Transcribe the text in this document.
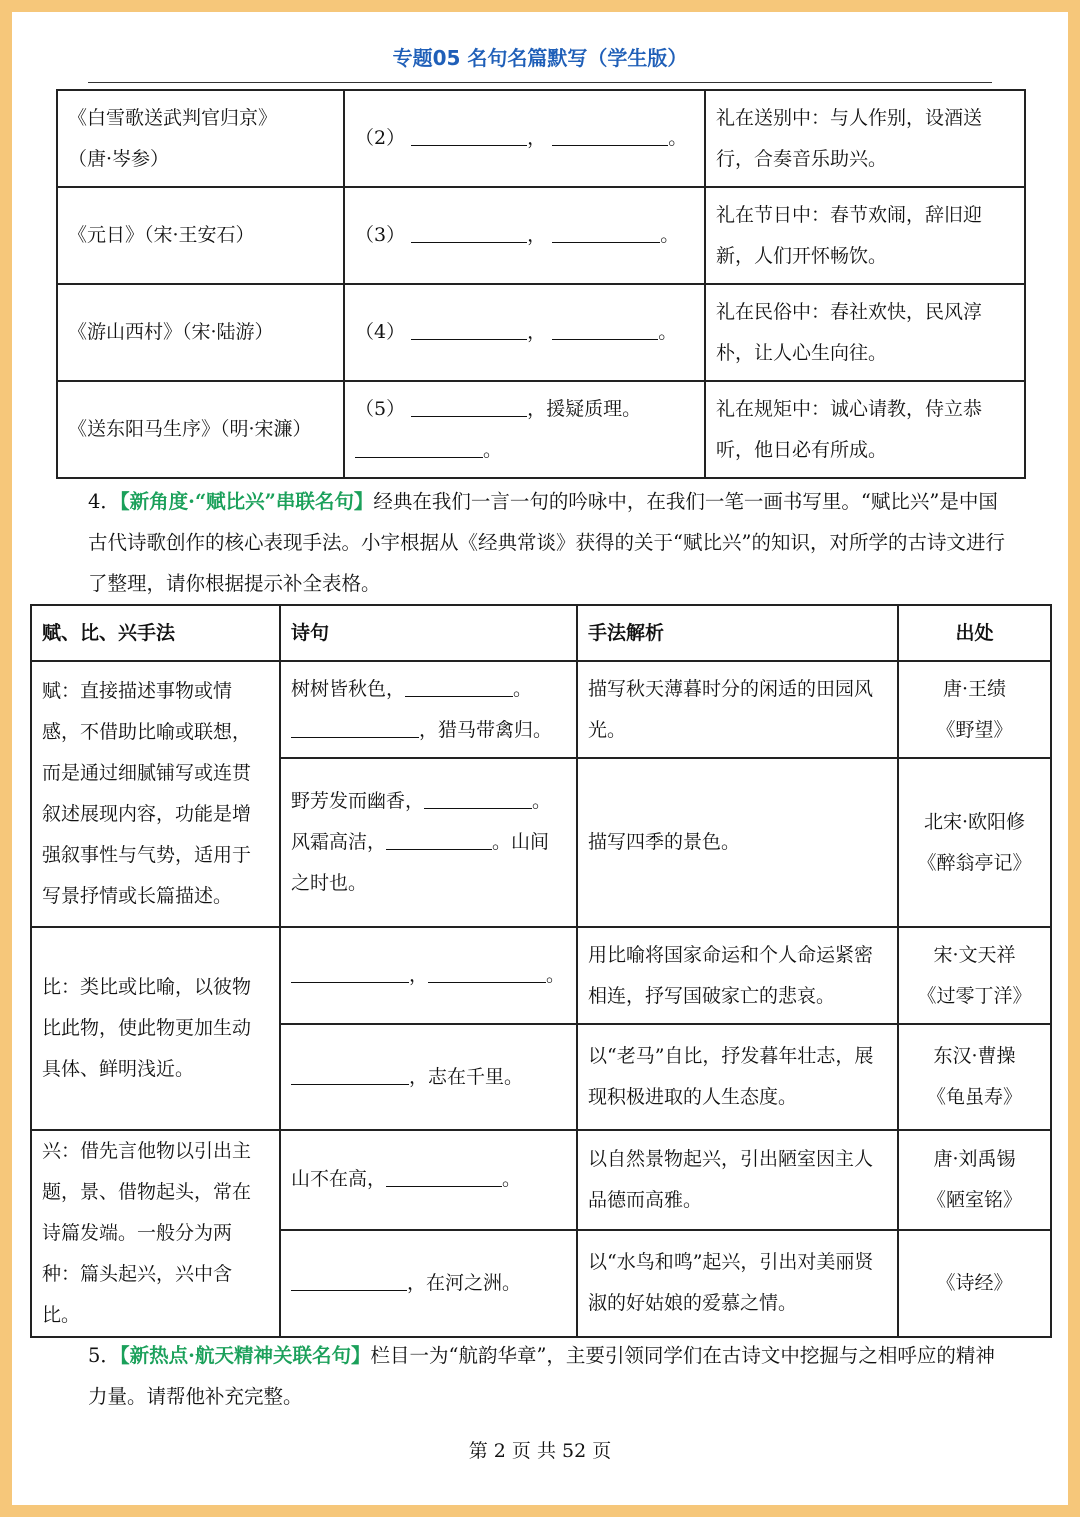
专题05 名句名篇默写（学生版）
《白雪歌送武判官归京》
（唐·岑参）	（2） ， 。	礼在送别中：与人作别，设酒送行，合奏音乐助兴。
《元日》（宋·王安石）	（3） ， 。	礼在节日中：春节欢闹，辞旧迎新，人们开怀畅饮。
《游山西村》（宋·陆游）	（4） ， 。	礼在民俗中：春社欢快，民风淳朴，让人心生向往。
《送东阳马生序》（明·宋濂）	（5） ，援疑质理。
。	礼在规矩中：诚心请教，侍立恭听，他日必有所成。
4．【新角度·“赋比兴”串联名句】经典在我们一言一句的吟咏中，在我们一笔一画书写里。“赋比兴”是中国古代诗歌创作的核心表现手法。小宇根据从《经典常谈》获得的关于“赋比兴”的知识，对所学的古诗文进行了整理，请你根据提示补全表格。
赋、比、兴手法	诗句	手法解析	出处
赋：直接描述事物或情感，不借助比喻或联想，而是通过细腻铺写或连贯叙述展现内容，功能是增强叙事性与气势，适用于写景抒情或长篇描述。	树树皆秋色， 。
，猎马带禽归。	描写秋天薄暮时分的闲适的田园风光。	唐·王绩
《野望》
	野芳发而幽香， 。
风霜高洁， 。山间
之时也。	描写四季的景色。	北宋·欧阳修
《醉翁亭记》
比：类比或比喻，以彼物比此物，使此物更加生动具体、鲜明浅近。	， 。	用比喻将国家命运和个人命运紧密相连，抒写国破家亡的悲哀。	宋·文天祥
《过零丁洋》
	，志在千里。	以“老马”自比，抒发暮年壮志，展现积极进取的人生态度。	东汉·曹操
《龟虽寿》
兴：借先言他物以引出主题，景、借物起头，常在诗篇发端。一般分为两种：篇头起兴，兴中含比。	山不在高， 。	以自然景物起兴，引出陋室因主人品德而高雅。	唐·刘禹锡
《陋室铭》
	，在河之洲。	以“水鸟和鸣”起兴，引出对美丽贤淑的好姑娘的爱慕之情。	《诗经》
5．【新热点·航天精神关联名句】栏目一为“航韵华章”，主要引领同学们在古诗文中挖掘与之相呼应的精神力量。请帮他补充完整。
第 2 页 共 52 页
